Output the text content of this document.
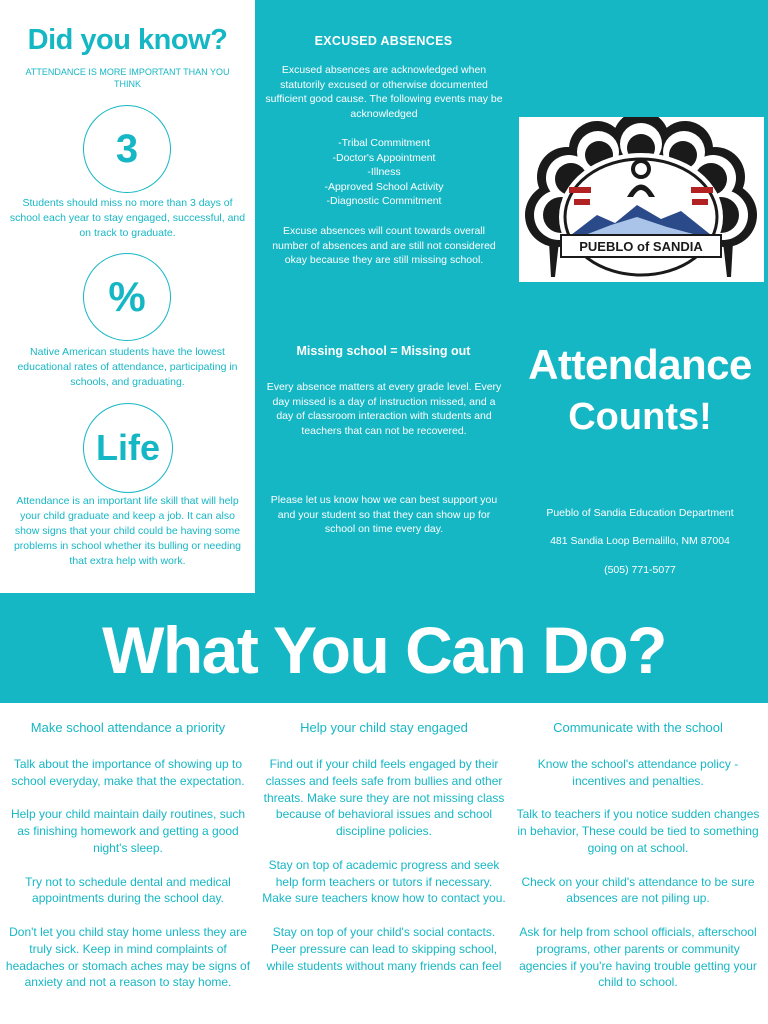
Did you know?
ATTENDANCE IS MORE IMPORTANT THAN YOU THINK
3
Students should miss no more than 3 days of school each year to stay engaged, successful, and on track to graduate.
%
Native American students have the lowest educational rates of attendance, participating in schools, and graduating.
Life
Attendance is an important life skill that will help your child graduate and keep a job. It can also show signs that your child could be having some problems in school whether its bulling or needing that extra help with work.
EXCUSED ABSENCES
Excused absences are acknowledged when statutorily excused or otherwise documented sufficient good cause. The following events may be acknowledged
-Tribal Commitment
-Doctor's Appointment
-Illness
-Approved School Activity
-Diagnostic Commitment
Excuse absences will count towards overall number of absences and are still not considered okay because they are still missing school.
Missing school = Missing out
Every absence matters at every grade level. Every day missed is a day of instruction missed, and a day of classroom interaction with students and teachers that can not be recovered.
Please let us know how we can best support you and your student so that they can show up for school on time every day.
PUEBLO of SANDIA
Attendance
Counts!
Pueblo of Sandia Education Department
481 Sandia Loop Bernalillo, NM 87004
(505) 771-5077
What You Can Do?
Make school attendance a priority
Talk about the importance of showing up to school everyday, make that the expectation.
Help your child maintain daily routines, such as finishing homework and getting a good night's sleep.
Try not to schedule dental and medical appointments during the school day.
Don't let you child stay home unless they are truly sick. Keep in mind complaints of headaches or stomach aches may be signs of anxiety and not a reason to stay home.
Help your child stay engaged
Find out if your child feels engaged by their classes and feels safe from bullies and other threats. Make sure they are not missing class because of behavioral issues and school discipline policies.
Stay on top of academic progress and seek help form teachers or tutors if necessary. Make sure teachers know how to contact you.
Stay on top of your child's social contacts. Peer pressure can lead to skipping school, while students without many friends can feel
Communicate with the school
Know the school's attendance policy - incentives and penalties.
Talk to teachers if you notice sudden changes in behavior, These could be tied to something going on at school.
Check on your child's attendance to be sure absences are not piling up.
Ask for help from school officials, afterschool programs, other parents or community agencies if you're having trouble getting your child to school.
